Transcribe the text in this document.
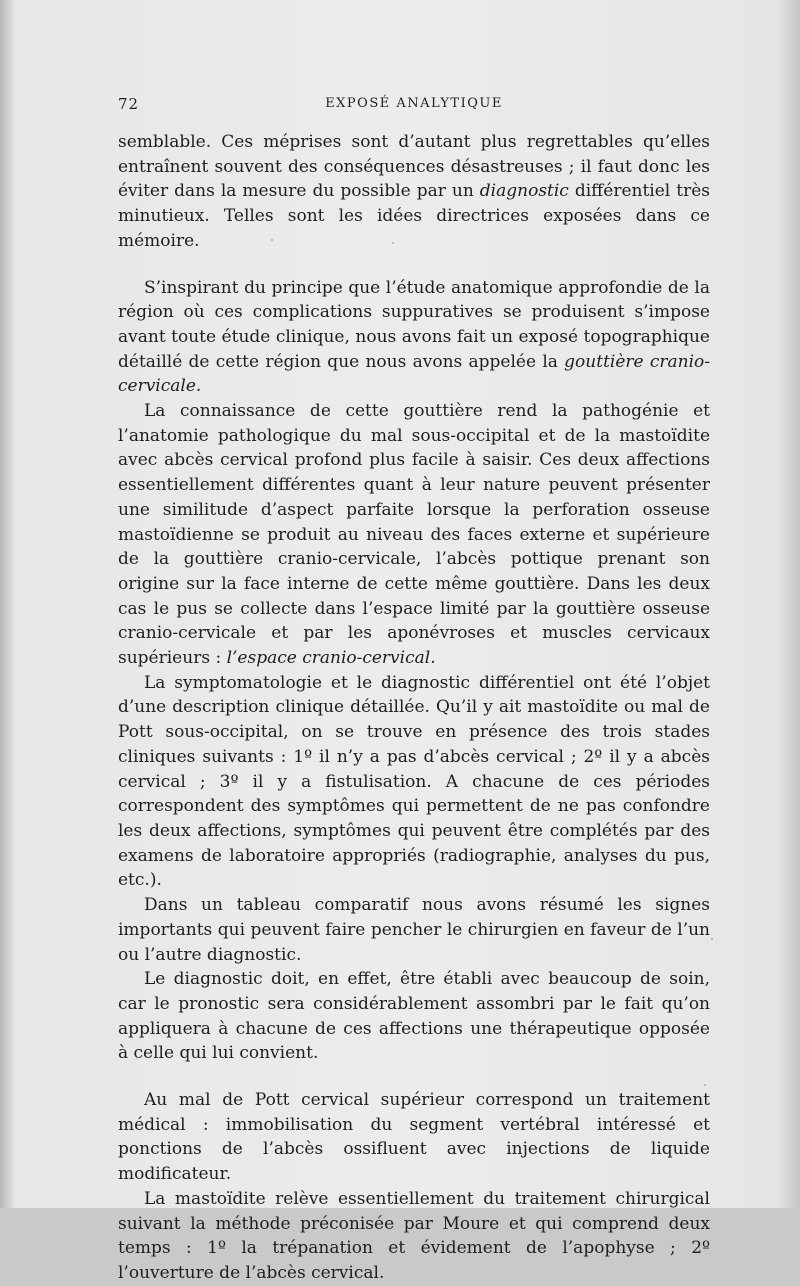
72	EXPOSÉ ANALYTIQUE

semblable. Ces méprises sont d’autant plus regrettables qu’elles entraînent souvent des conséquences désastreuses ; il faut donc les éviter dans la mesure du possible par un diagnostic différentiel très minutieux. Telles sont les idées directrices exposées dans ce mémoire.

S’inspirant du principe que l’étude anatomique approfondie de la région où ces complications suppuratives se produisent s’impose avant toute étude clinique, nous avons fait un exposé topographique détaillé de cette région que nous avons appelée la gouttière cranio-cervicale.

La connaissance de cette gouttière rend la pathogénie et l’anatomie pathologique du mal sous-occipital et de la mastoïdite avec abcès cervical profond plus facile à saisir. Ces deux affections essentiellement différentes quant à leur nature peuvent présenter une similitude d’aspect parfaite lorsque la perforation osseuse mastoïdienne se produit au niveau des faces externe et supérieure de la gouttière cranio-cervicale, l’abcès pottique prenant son origine sur la face interne de cette même gouttière. Dans les deux cas le pus se collecte dans l’espace limité par la gouttière osseuse cranio-cervicale et par les aponévroses et muscles cervicaux supérieurs : l’espace cranio-cervical.

La symptomatologie et le diagnostic différentiel ont été l’objet d’une description clinique détaillée. Qu’il y ait mastoïdite ou mal de Pott sous-occipital, on se trouve en présence des trois stades cliniques suivants : 1º il n’y a pas d’abcès cervical ; 2º il y a abcès cervical ; 3º il y a fistulisation. A chacune de ces périodes correspondent des symptômes qui permettent de ne pas confondre les deux affections, symptômes qui peuvent être complétés par des examens de laboratoire appropriés (radiographie, analyses du pus, etc.).

Dans un tableau comparatif nous avons résumé les signes importants qui peuvent faire pencher le chirurgien en faveur de l’un ou l’autre diagnostic.

Le diagnostic doit, en effet, être établi avec beaucoup de soin, car le pronostic sera considérablement assombri par le fait qu’on appliquera à chacune de ces affections une thérapeutique opposée à celle qui lui convient.

Au mal de Pott cervical supérieur correspond un traitement médical : immobilisation du segment vertébral intéressé et ponctions de l’abcès ossifluent avec injections de liquide modificateur.

La mastoïdite relève essentiellement du traitement chirurgical suivant la méthode préconisée par Moure et qui comprend deux temps : 1º la trépanation et évidement de l’apophyse ; 2º l’ouverture de l’abcès cervical.
